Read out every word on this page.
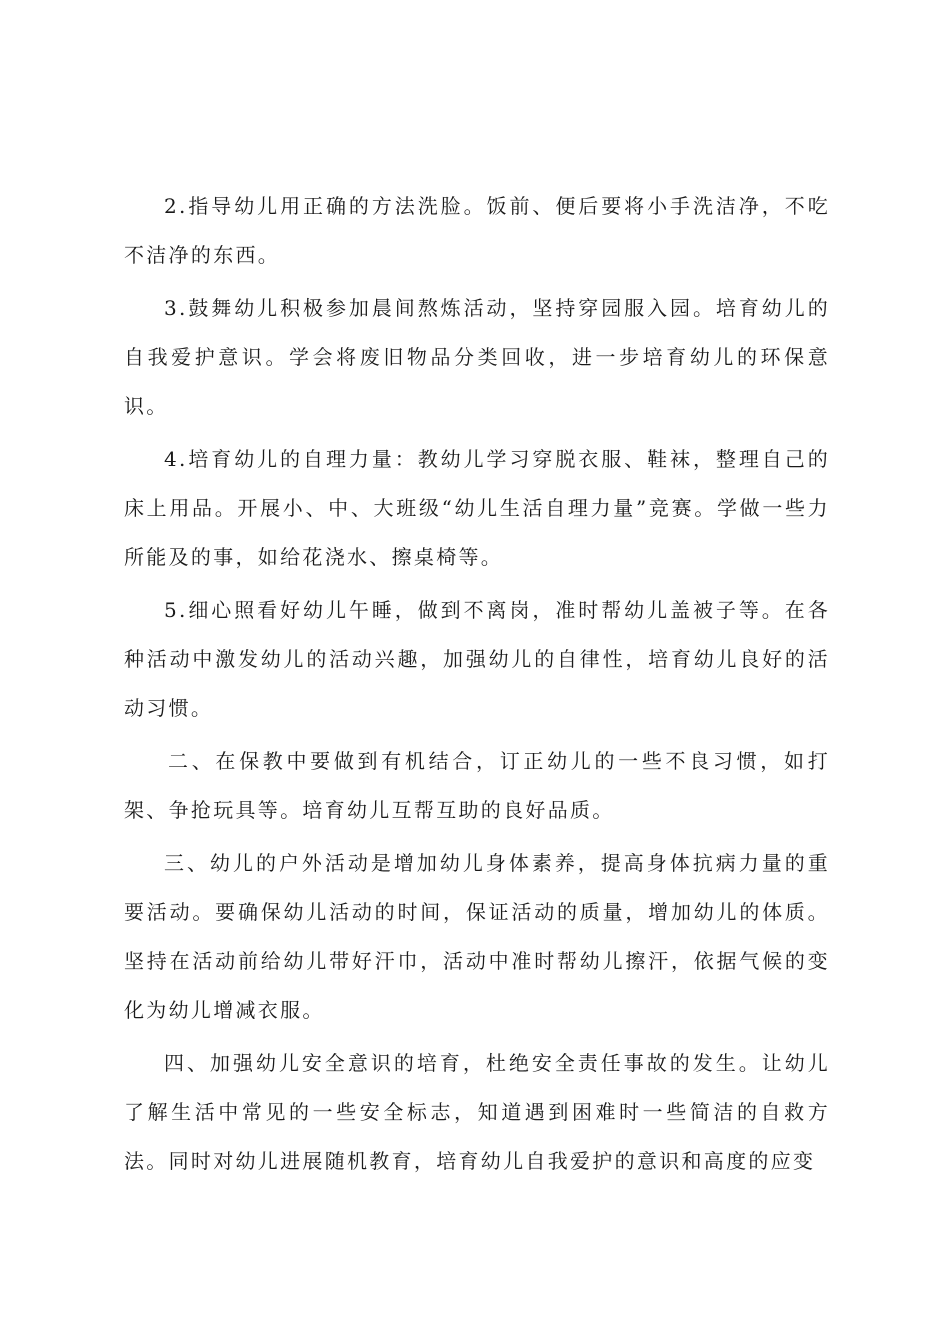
2.指导幼儿用正确的方法洗脸。饭前、便后要将小手洗洁净，不吃不洁净的东西。

3.鼓舞幼儿积极参加晨间熬炼活动，坚持穿园服入园。培育幼儿的自我爱护意识。学会将废旧物品分类回收，进一步培育幼儿的环保意识。

4.培育幼儿的自理力量：教幼儿学习穿脱衣服、鞋袜，整理自己的床上用品。开展小、中、大班级“幼儿生活自理力量”竞赛。学做一些力所能及的事，如给花浇水、擦桌椅等。

5.细心照看好幼儿午睡，做到不离岗，准时帮幼儿盖被子等。在各种活动中激发幼儿的活动兴趣，加强幼儿的自律性，培育幼儿良好的活动习惯。

二、在保教中要做到有机结合，订正幼儿的一些不良习惯，如打架、争抢玩具等。培育幼儿互帮互助的良好品质。

三、幼儿的户外活动是增加幼儿身体素养，提高身体抗病力量的重要活动。要确保幼儿活动的时间，保证活动的质量，增加幼儿的体质。坚持在活动前给幼儿带好汗巾，活动中准时帮幼儿擦汗，依据气候的变化为幼儿增减衣服。

四、加强幼儿安全意识的培育，杜绝安全责任事故的发生。让幼儿了解生活中常见的一些安全标志，知道遇到困难时一些简洁的自救方法。同时对幼儿进展随机教育，培育幼儿自我爱护的意识和高度的应变
